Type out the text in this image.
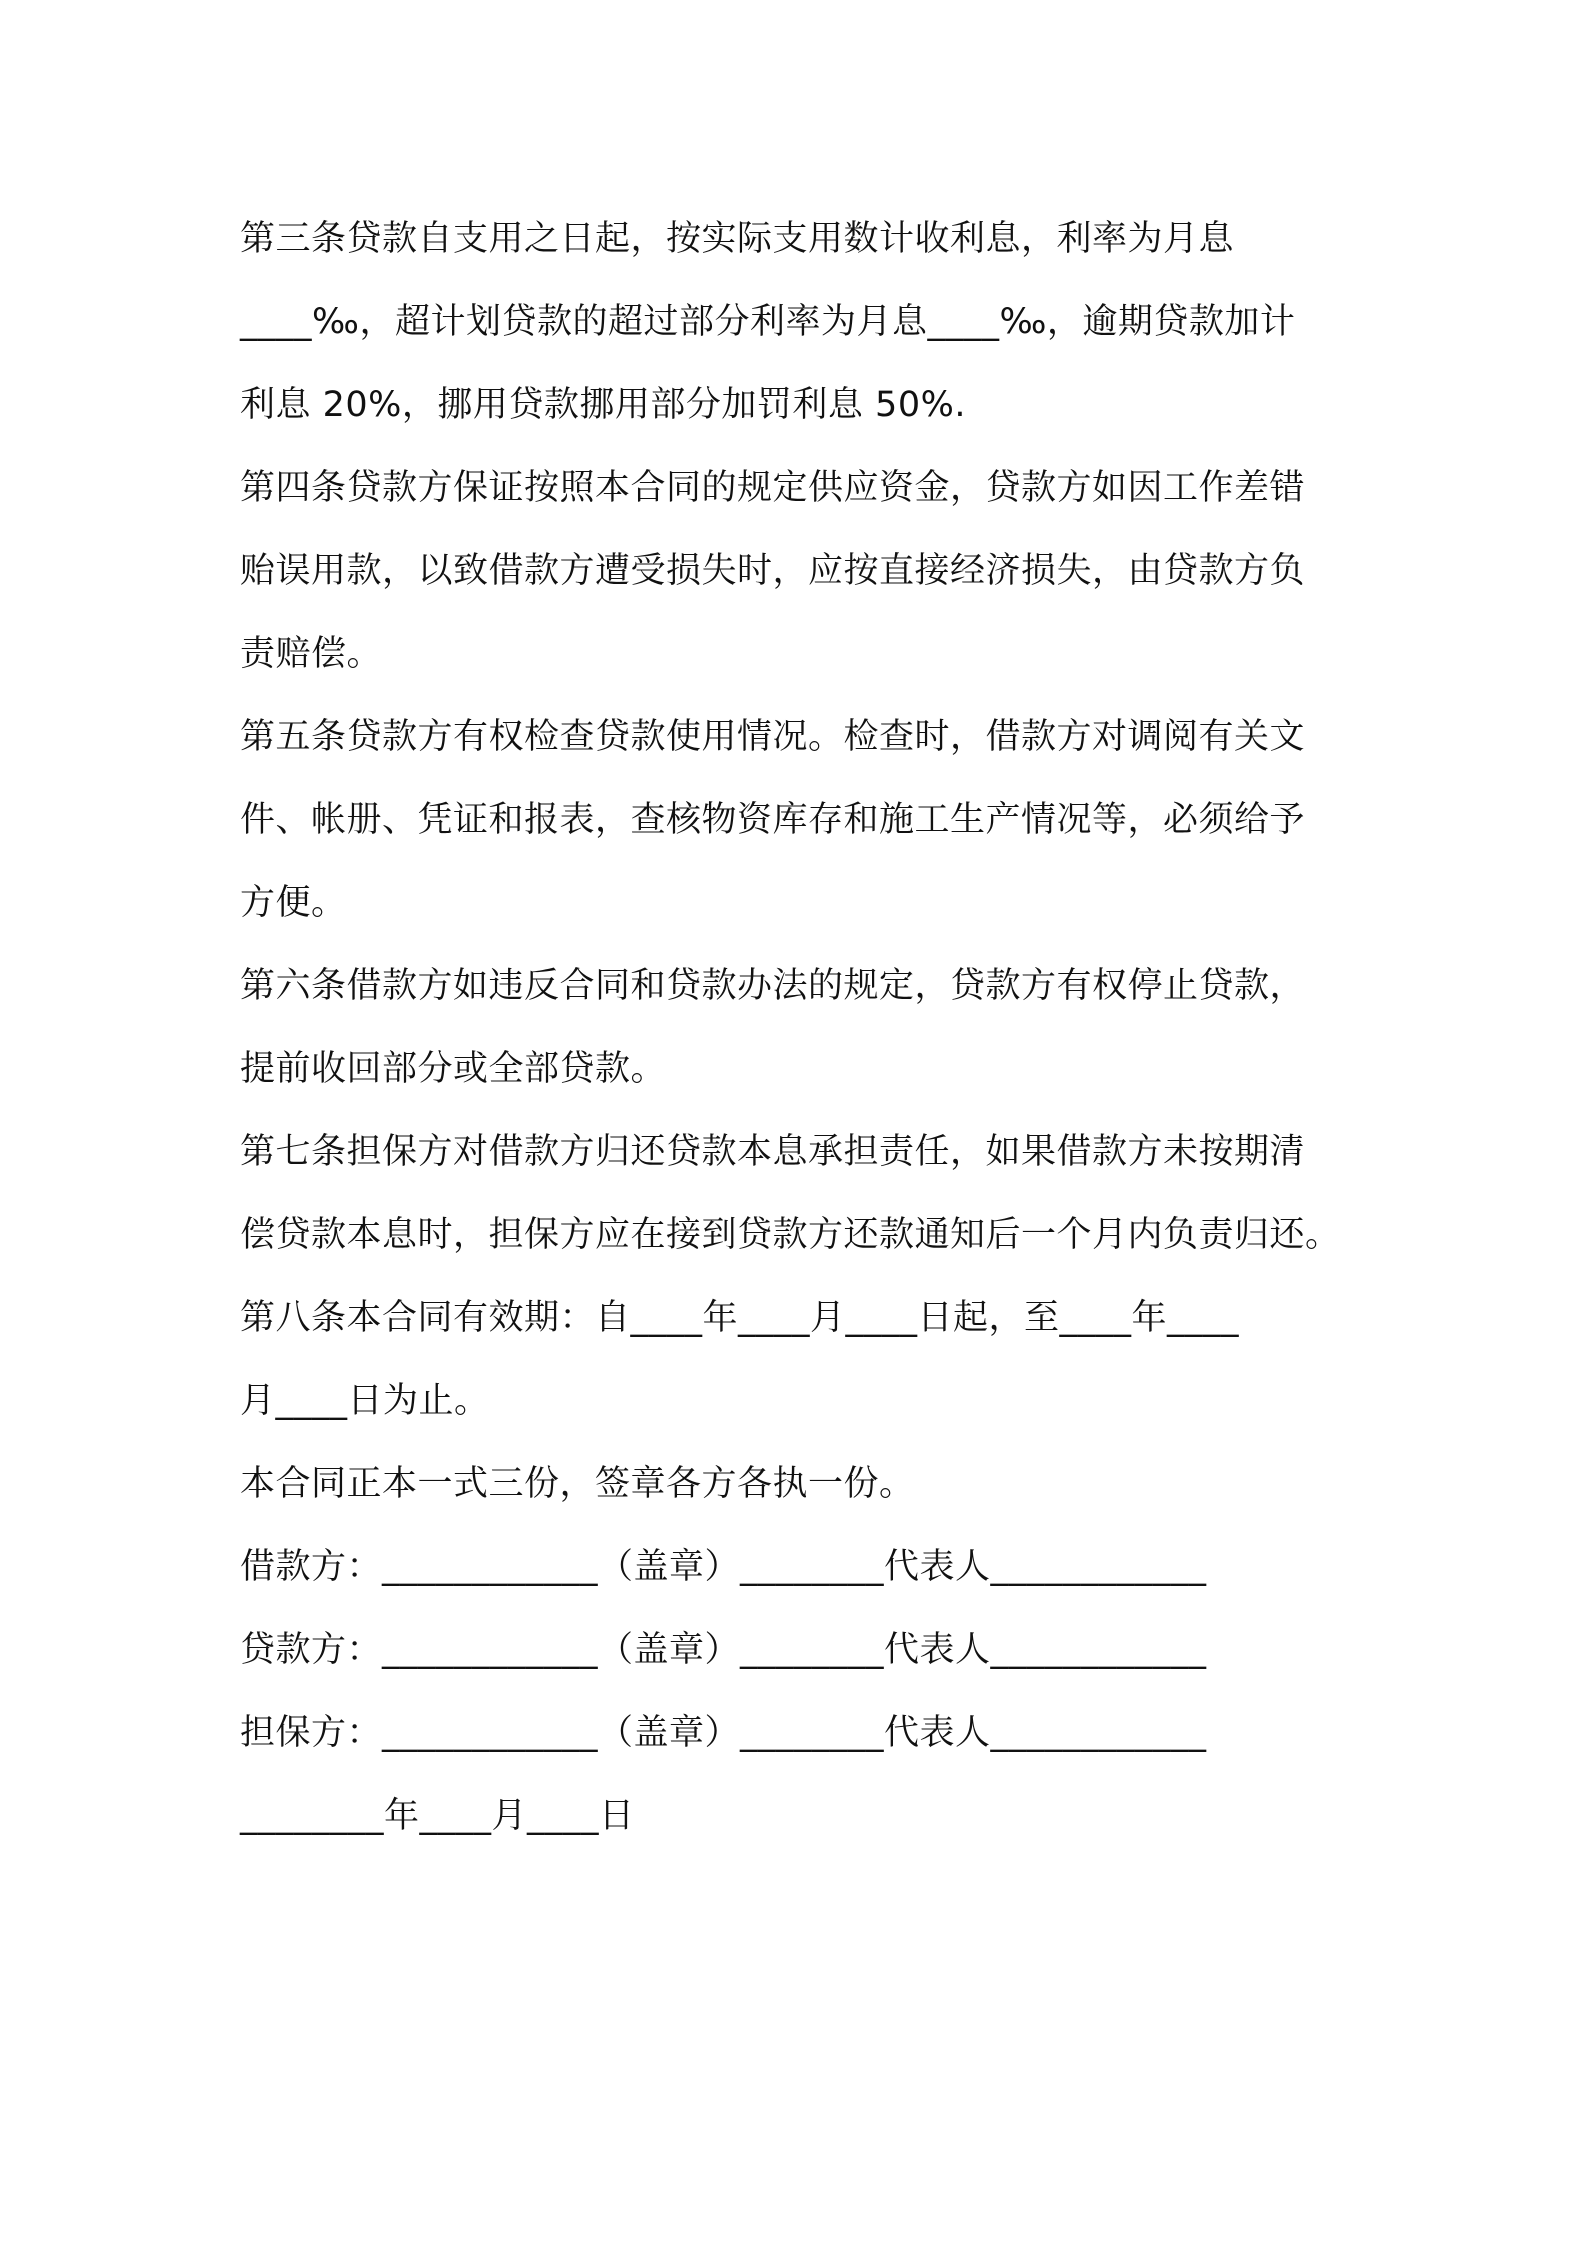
第三条贷款自支用之日起，按实际支用数计收利息，利率为月息
____‰，超计划贷款的超过部分利率为月息____‰，逾期贷款加计
利息 20%，挪用贷款挪用部分加罚利息 50%.
第四条贷款方保证按照本合同的规定供应资金，贷款方如因工作差错
贻误用款，以致借款方遭受损失时，应按直接经济损失，由贷款方负
责赔偿。
第五条贷款方有权检查贷款使用情况。检查时，借款方对调阅有关文
件、帐册、凭证和报表，查核物资库存和施工生产情况等，必须给予
方便。
第六条借款方如违反合同和贷款办法的规定，贷款方有权停止贷款，
提前收回部分或全部贷款。
第七条担保方对借款方归还贷款本息承担责任，如果借款方未按期清
偿贷款本息时，担保方应在接到贷款方还款通知后一个月内负责归还。
第八条本合同有效期：自____年____月____日起，至____年____
月____日为止。
本合同正本一式三份，签章各方各执一份。
借款方：____________（盖章）________代表人____________
贷款方：____________（盖章）________代表人____________
担保方：____________（盖章）________代表人____________
________年____月____日
